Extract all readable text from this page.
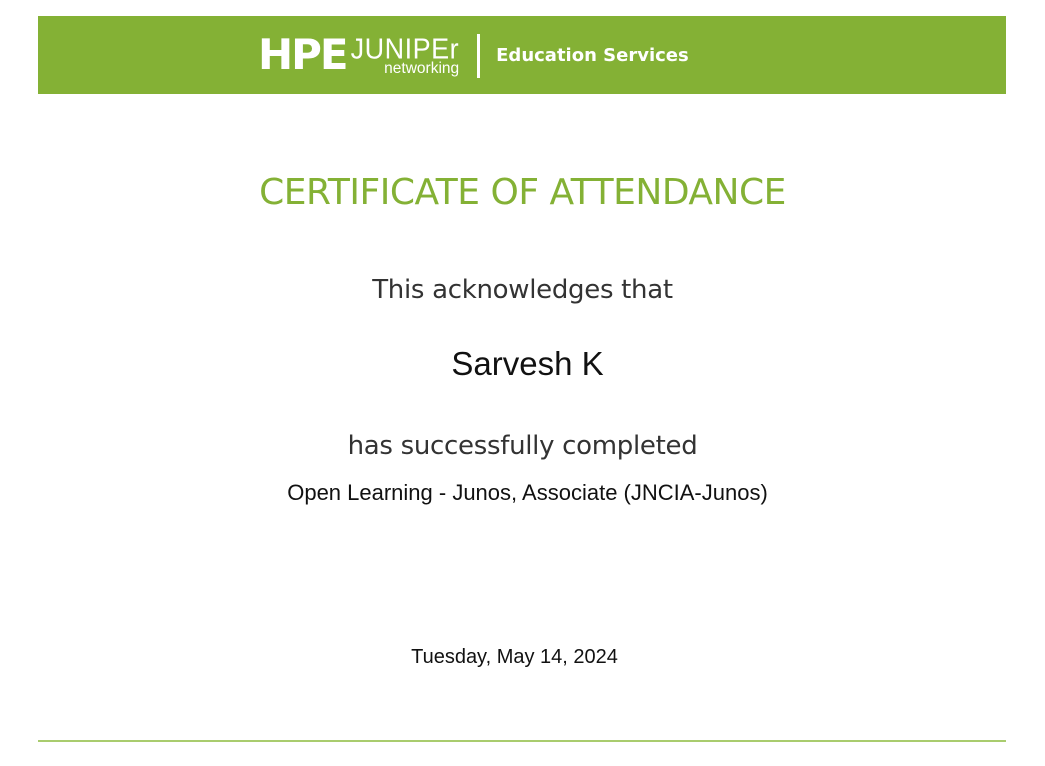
HPE JUNIPEr
networking
Education Services
CERTIFICATE OF ATTENDANCE
This acknowledges that
Sarvesh K
has successfully completed
Open Learning - Junos, Associate (JNCIA-Junos)
Tuesday, May 14, 2024
